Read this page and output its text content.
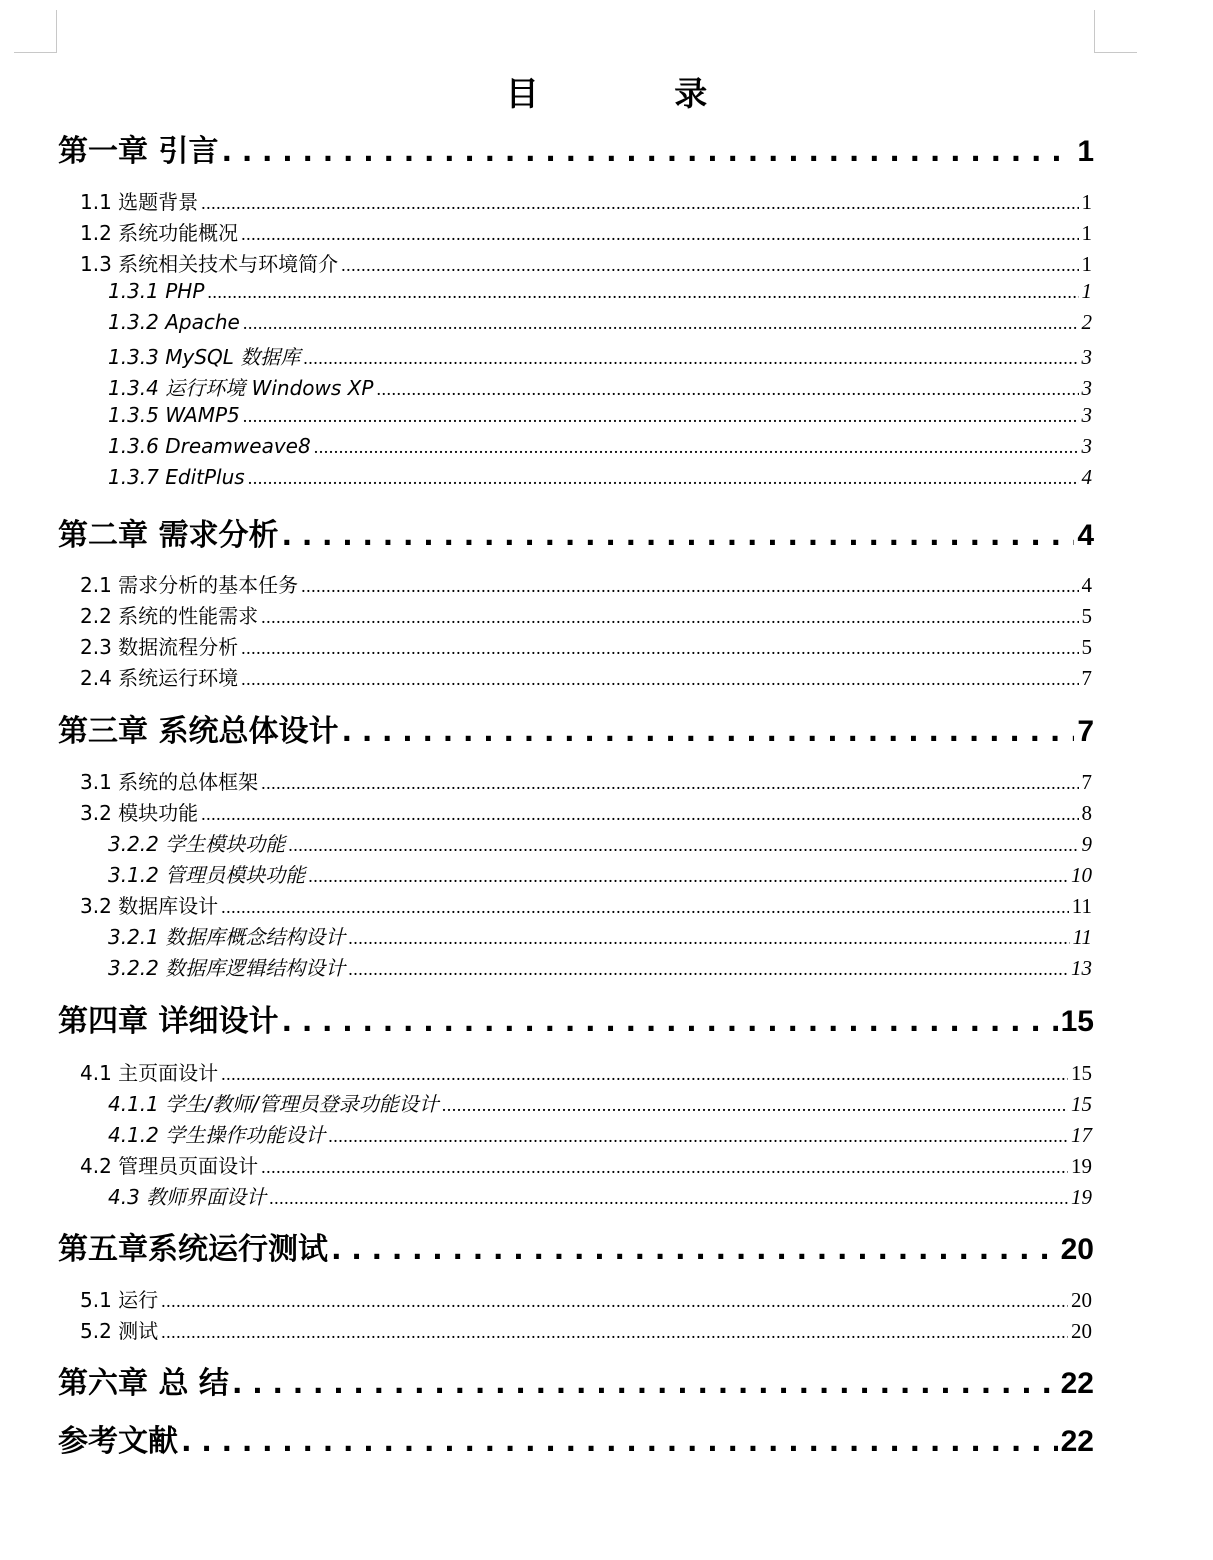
目 录
第一章 引言 .....	1
1.1 选题背景 .....	1
1.2 系统功能概况 .....	1
1.3 系统相关技术与环境简介 .....	1
1.3.1 PHP .....	1
1.3.2 Apache .....	2
1.3.3 MySQL 数据库 .....	3
1.3.4 运行环境 Windows XP .....	3
1.3.5 WAMP5 .....	3
1.3.6 Dreamweave8 .....	3
1.3.7 EditPlus .....	4
第二章 需求分析 .....	4
2.1 需求分析的基本任务 .....	4
2.2 系统的性能需求 .....	5
2.3 数据流程分析 .....	5
2.4 系统运行环境 .....	7
第三章 系统总体设计 .....	7
3.1 系统的总体框架 .....	7
3.2 模块功能 .....	8
3.2.2 学生模块功能 .....	9
3.1.2 管理员模块功能 .....	10
3.2 数据库设计 .....	11
3.2.1 数据库概念结构设计 .....	11
3.2.2 数据库逻辑结构设计 .....	13
第四章 详细设计 .....	15
4.1 主页面设计 .....	15
4.1.1 学生/教师/管理员登录功能设计 .....	15
4.1.2 学生操作功能设计 .....	17
4.2 管理员页面设计 .....	19
4.3 教师界面设计 .....	19
第五章系统运行测试 .....	20
5.1 运行 .....	20
5.2 测试 .....	20
第六章 总 结 .....	22
参考文献 .....	22
